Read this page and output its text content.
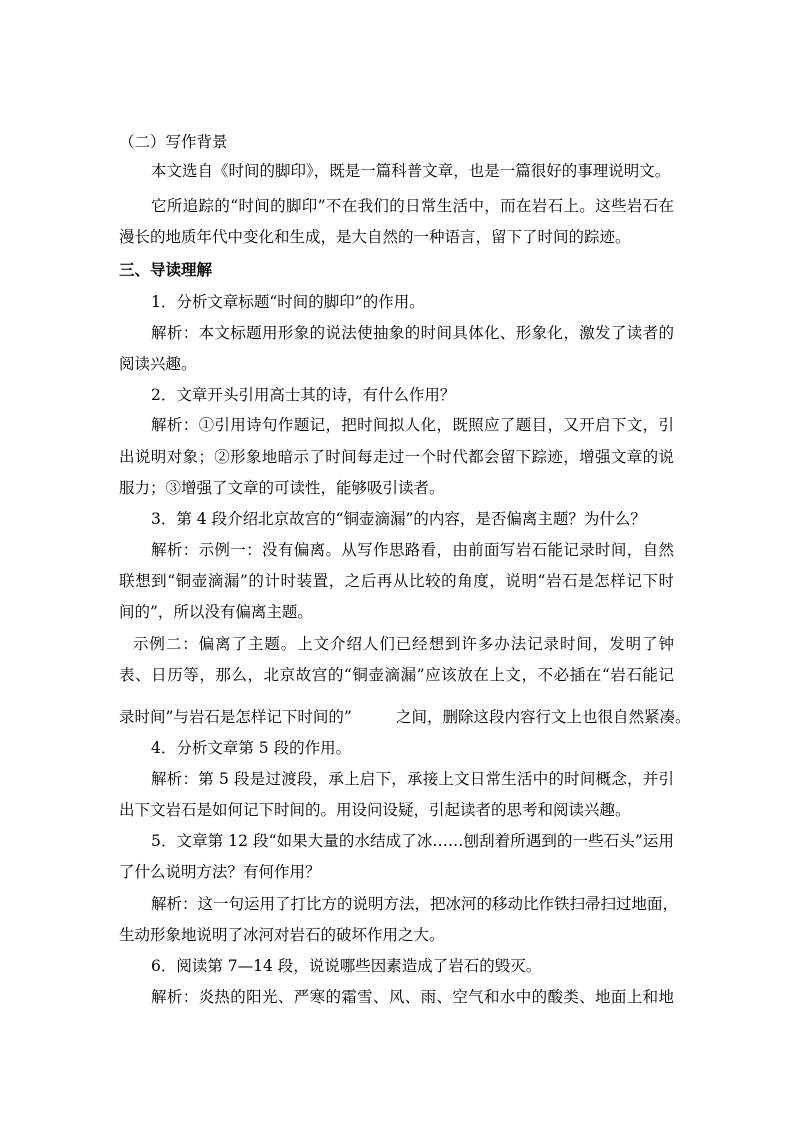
（二）写作背景
本文选自《时间的脚印》，既是一篇科普文章，也是一篇很好的事理说明文。
它所追踪的“时间的脚印”不在我们的日常生活中，而在岩石上。这些岩石在
漫长的地质年代中变化和生成，是大自然的一种语言，留下了时间的踪迹。
三、导读理解
1．分析文章标题“时间的脚印”的作用。
解析：本文标题用形象的说法使抽象的时间具体化、形象化，激发了读者的
阅读兴趣。
2．文章开头引用高士其的诗，有什么作用？
解析：①引用诗句作题记，把时间拟人化，既照应了题目，又开启下文，引
出说明对象；②形象地暗示了时间每走过一个时代都会留下踪迹，增强文章的说
服力；③增强了文章的可读性，能够吸引读者。
3．第 4 段介绍北京故宫的“铜壶滴漏”的内容，是否偏离主题？为什么？
解析：示例一：没有偏离。从写作思路看，由前面写岩石能记录时间，自然
联想到“铜壶滴漏”的计时装置，之后再从比较的角度，说明“岩石是怎样记下时
间的”，所以没有偏离主题。
示例二：偏离了主题。上文介绍人们已经想到许多办法记录时间，发明了钟
表、日历等，那么，北京故宫的“铜壶滴漏”应该放在上文，不必插在“岩石能记
录时间”与岩石是怎样记下时间的”	之间，删除这段内容行文上也很自然紧凑。
4．分析文章第 5 段的作用。
解析：第 5 段是过渡段，承上启下，承接上文日常生活中的时间概念，并引
出下文岩石是如何记下时间的。用设问设疑，引起读者的思考和阅读兴趣。
5．文章第 12 段“如果大量的水结成了冰……刨刮着所遇到的一些石头”运用
了什么说明方法？有何作用？
解析：这一句运用了打比方的说明方法，把冰河的移动比作铁扫帚扫过地面，
生动形象地说明了冰河对岩石的破坏作用之大。
6．阅读第 7—14 段，说说哪些因素造成了岩石的毁灭。
解析：炎热的阳光、严寒的霜雪、风、雨、空气和水中的酸类、地面上和地
